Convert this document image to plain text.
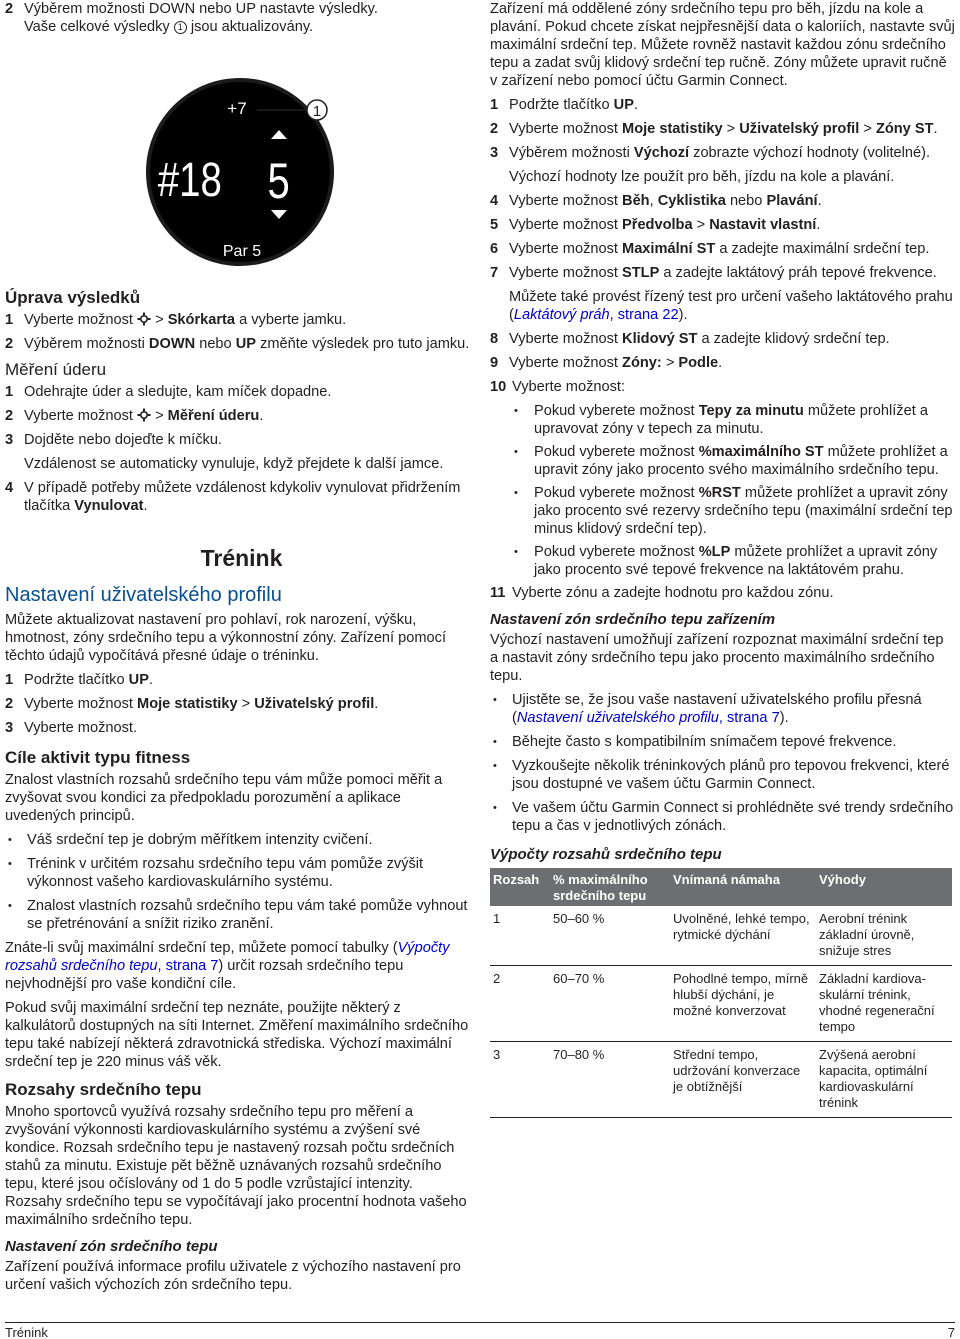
2 Výběrem možnosti DOWN nebo UP nastavte výsledky.
Vaše celkové výsledky 1 jsou aktualizovány.
+7
#18 5
Par 5
1
Úprava výsledků
1 Vyberte možnost > Skórkarta a vyberte jamku.
2 Výběrem možnosti DOWN nebo UP změňte výsledek pro tuto jamku.
Měření úderu
1 Odehrajte úder a sledujte, kam míček dopadne.
2 Vyberte možnost  > Měření úderu.
3 Dojděte nebo dojeďte k míčku.
Vzdálenost se automaticky vynuluje, když přejdete k další jamce.
4 V případě potřeby můžete vzdálenost kdykoliv vynulovat přidržením tlačítka Vynulovat.
Trénink
Nastavení uživatelského profilu
Můžete aktualizovat nastavení pro pohlaví, rok narození, výšku, hmotnost, zóny srdečního tepu a výkonnostní zóny. Zařízení pomocí těchto údajů vypočítává přesné údaje o tréninku.
1 Podržte tlačítko UP.
2 Vyberte možnost Moje statistiky > Uživatelský profil.
3 Vyberte možnost.
Cíle aktivit typu fitness
Znalost vlastních rozsahů srdečního tepu vám může pomoci měřit a zvyšovat svou kondici za předpokladu porozumění a aplikace uvedených principů.
• Váš srdeční tep je dobrým měřítkem intenzity cvičení.
• Trénink v určitém rozsahu srdečního tepu vám pomůže zvýšit výkonnost vašeho kardiovaskulárního systému.
• Znalost vlastních rozsahů srdečního tepu vám také pomůže vyhnout se přetrénování a snížit riziko zranění.
Znáte-li svůj maximální srdeční tep, můžete pomocí tabulky (Výpočty rozsahů srdečního tepu, strana 7) určit rozsah srdečního tepu nejvhodnější pro vaše kondiční cíle.
Pokud svůj maximální srdeční tep neznáte, použijte některý z kalkulátorů dostupných na síti Internet. Změření maximálního srdečního tepu také nabízejí některá zdravotnická střediska. Výchozí maximální srdeční tep je 220 minus váš věk.
Rozsahy srdečního tepu
Mnoho sportovců využívá rozsahy srdečního tepu pro měření a zvyšování výkonnosti kardiovaskulárního systému a zvýšení své kondice. Rozsah srdečního tepu je nastavený rozsah počtu srdečních stahů za minutu. Existuje pět běžně uznávaných rozsahů srdečního tepu, které jsou očíslovány od 1 do 5 podle vzrůstající intenzity. Rozsahy srdečního tepu se vypočítávají jako procentní hodnota vašeho maximálního srdečního tepu.
Nastavení zón srdečního tepu
Zařízení používá informace profilu uživatele z výchozího nastavení pro určení vašich výchozích zón srdečního tepu.
Zařízení má oddělené zóny srdečního tepu pro běh, jízdu na kole a plavání. Pokud chcete získat nejpřesnější data o kaloriích, nastavte svůj maximální srdeční tep. Můžete rovněž nastavit každou zónu srdečního tepu a zadat svůj klidový srdeční tep ručně. Zóny můžete upravit ručně v zařízení nebo pomocí účtu Garmin Connect.
1 Podržte tlačítko UP.
2 Vyberte možnost Moje statistiky > Uživatelský profil > Zóny ST.
3 Výběrem možnosti Výchozí zobrazte výchozí hodnoty (volitelné).
Výchozí hodnoty lze použít pro běh, jízdu na kole a plavání.
4 Vyberte možnost Běh, Cyklistika nebo Plavání.
5 Vyberte možnost Předvolba > Nastavit vlastní.
6 Vyberte možnost Maximální ST a zadejte maximální srdeční tep.
7 Vyberte možnost STLP a zadejte laktátový práh tepové frekvence.
Můžete také provést řízený test pro určení vašeho laktátového prahu (Laktátový práh, strana 22).
8 Vyberte možnost Klidový ST a zadejte klidový srdeční tep.
9 Vyberte možnost Zóny: > Podle.
10 Vyberte možnost:
• Pokud vyberete možnost Tepy za minutu můžete prohlížet a upravovat zóny v tepech za minutu.
• Pokud vyberete možnost %maximálního ST můžete prohlížet a upravit zóny jako procento svého maximálního srdečního tepu.
• Pokud vyberete možnost %RST můžete prohlížet a upravit zóny jako procento své rezervy srdečního tepu (maximální srdeční tep minus klidový srdeční tep).
• Pokud vyberete možnost %LP můžete prohlížet a upravit zóny jako procento své tepové frekvence na laktátovém prahu.
11 Vyberte zónu a zadejte hodnotu pro každou zónu.
Nastavení zón srdečního tepu zařízením
Výchozí nastavení umožňují zařízení rozpoznat maximální srdeční tep a nastavit zóny srdečního tepu jako procento maximálního srdečního tepu.
• Ujistěte se, že jsou vaše nastavení uživatelského profilu přesná (Nastavení uživatelského profilu, strana 7).
• Běhejte často s kompatibilním snímačem tepové frekvence.
• Vyzkoušejte několik tréninkových plánů pro tepovou frekvenci, které jsou dostupné ve vašem účtu Garmin Connect.
• Ve vašem účtu Garmin Connect si prohlédněte své trendy srdečního tepu a čas v jednotlivých zónách.
Výpočty rozsahů srdečního tepu
Rozsah	% maximálního srdečního tepu	Vnímaná námaha	Výhody
1	50–60 %	Uvolněné, lehké tempo, rytmické dýchání	Aerobní trénink základní úrovně, snižuje stres
2	60–70 %	Pohodlné tempo, mírně hlubší dýchání, je možné konverzovat	Základní kardiovaskulární trénink, vhodné regenerační tempo
3	70–80 %	Střední tempo, udržování konverzace je obtížnější	Zvýšená aerobní kapacita, optimální kardiovaskulární trénink
Trénink	7
